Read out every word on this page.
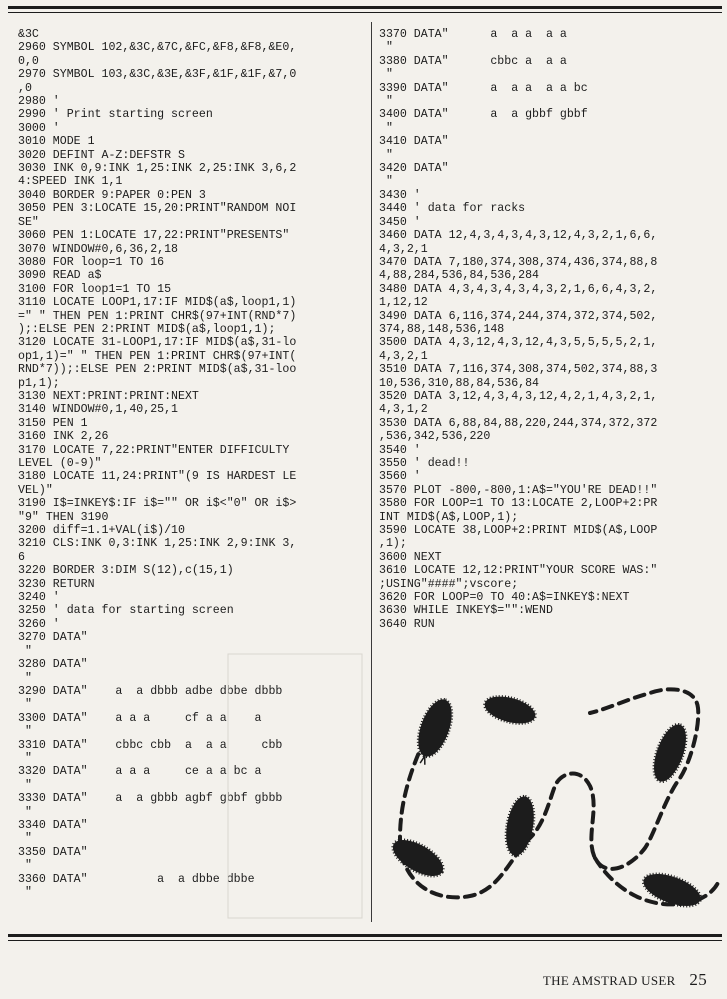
&3C
2960 SYMBOL 102,&3C,&7C,&FC,&F8,&F8,&E0,
0,0
2970 SYMBOL 103,&3C,&3E,&3F,&1F,&1F,&7,0
,0
2980 '
2990 ' Print starting screen
3000 '
3010 MODE 1
3020 DEFINT A-Z:DEFSTR S
3030 INK 0,9:INK 1,25:INK 2,25:INK 3,6,2
4:SPEED INK 1,1
3040 BORDER 9:PAPER 0:PEN 3
3050 PEN 3:LOCATE 15,20:PRINT"RANDOM NOI
SE"
3060 PEN 1:LOCATE 17,22:PRINT"PRESENTS"
3070 WINDOW#0,6,36,2,18
3080 FOR loop=1 TO 16
3090 READ a$
3100 FOR loop1=1 TO 15
3110 LOCATE LOOP1,17:IF MID$(a$,loop1,1)
=" " THEN PEN 1:PRINT CHR$(97+INT(RND*7)
);:ELSE PEN 2:PRINT MID$(a$,loop1,1);
3120 LOCATE 31-LOOP1,17:IF MID$(a$,31-lo
op1,1)=" " THEN PEN 1:PRINT CHR$(97+INT(
RND*7));:ELSE PEN 2:PRINT MID$(a$,31-loo
p1,1);
3130 NEXT:PRINT:PRINT:NEXT
3140 WINDOW#0,1,40,25,1
3150 PEN 1
3160 INK 2,26
3170 LOCATE 7,22:PRINT"ENTER DIFFICULTY
LEVEL (0-9)"
3180 LOCATE 11,24:PRINT"(9 IS HARDEST LE
VEL)"
3190 I$=INKEY$:IF i$="" OR i$<"0" OR i$>
"9" THEN 3190
3200 diff=1.1+VAL(i$)/10
3210 CLS:INK 0,3:INK 1,25:INK 2,9:INK 3,
6
3220 BORDER 3:DIM S(12),c(15,1)
3230 RETURN
3240 '
3250 ' data for starting screen
3260 '
3270 DATA"
"
3280 DATA"
"
3290 DATA"    a  a dbbb adbe dbbe dbbb
"
3300 DATA"    a a a     cf a a    a
"
3310 DATA"    cbbc cbb  a  a a     cbb
"
3320 DATA"    a a a     ce a a bc a
"
3330 DATA"    a  a gbbb agbf gbbf gbbb
"
3340 DATA"
"
3350 DATA"
"
3360 DATA"          a  a dbbe dbbe
"
3370 DATA"      a  a a  a a
"
3380 DATA"      cbbc a  a a
"
3390 DATA"      a  a a  a a bc
"
3400 DATA"      a  a gbbf gbbf
"
3410 DATA"
"
3420 DATA"
"
3430 '
3440 ' data for racks
3450 '
3460 DATA 12,4,3,4,3,4,3,12,4,3,2,1,6,6,
4,3,2,1
3470 DATA 7,180,374,308,374,436,374,88,8
4,88,284,536,84,536,284
3480 DATA 4,3,4,3,4,3,4,3,2,1,6,6,4,3,2,
1,12,12
3490 DATA 6,116,374,244,374,372,374,502,
374,88,148,536,148
3500 DATA 4,3,12,4,3,12,4,3,5,5,5,5,2,1,
4,3,2,1
3510 DATA 7,116,374,308,374,502,374,88,3
10,536,310,88,84,536,84
3520 DATA 3,12,4,3,4,3,12,4,2,1,4,3,2,1,
4,3,1,2
3530 DATA 6,88,84,88,220,244,374,372,372
,536,342,536,220
3540 '
3550 ' dead!!
3560 '
3570 PLOT -800,-800,1:A$="YOU'RE DEAD!!"
3580 FOR LOOP=1 TO 13:LOCATE 2,LOOP+2:PR
INT MID$(A$,LOOP,1);
3590 LOCATE 38,LOOP+2:PRINT MID$(A$,LOOP
,1);
3600 NEXT
3610 LOCATE 12,12:PRINT"YOUR SCORE WAS:"
;USING"####";vscore;
3620 FOR LOOP=0 TO 40:A$=INKEY$:NEXT
3630 WHILE INKEY$="":WEND
3640 RUN
THE AMSTRAD USER 25
